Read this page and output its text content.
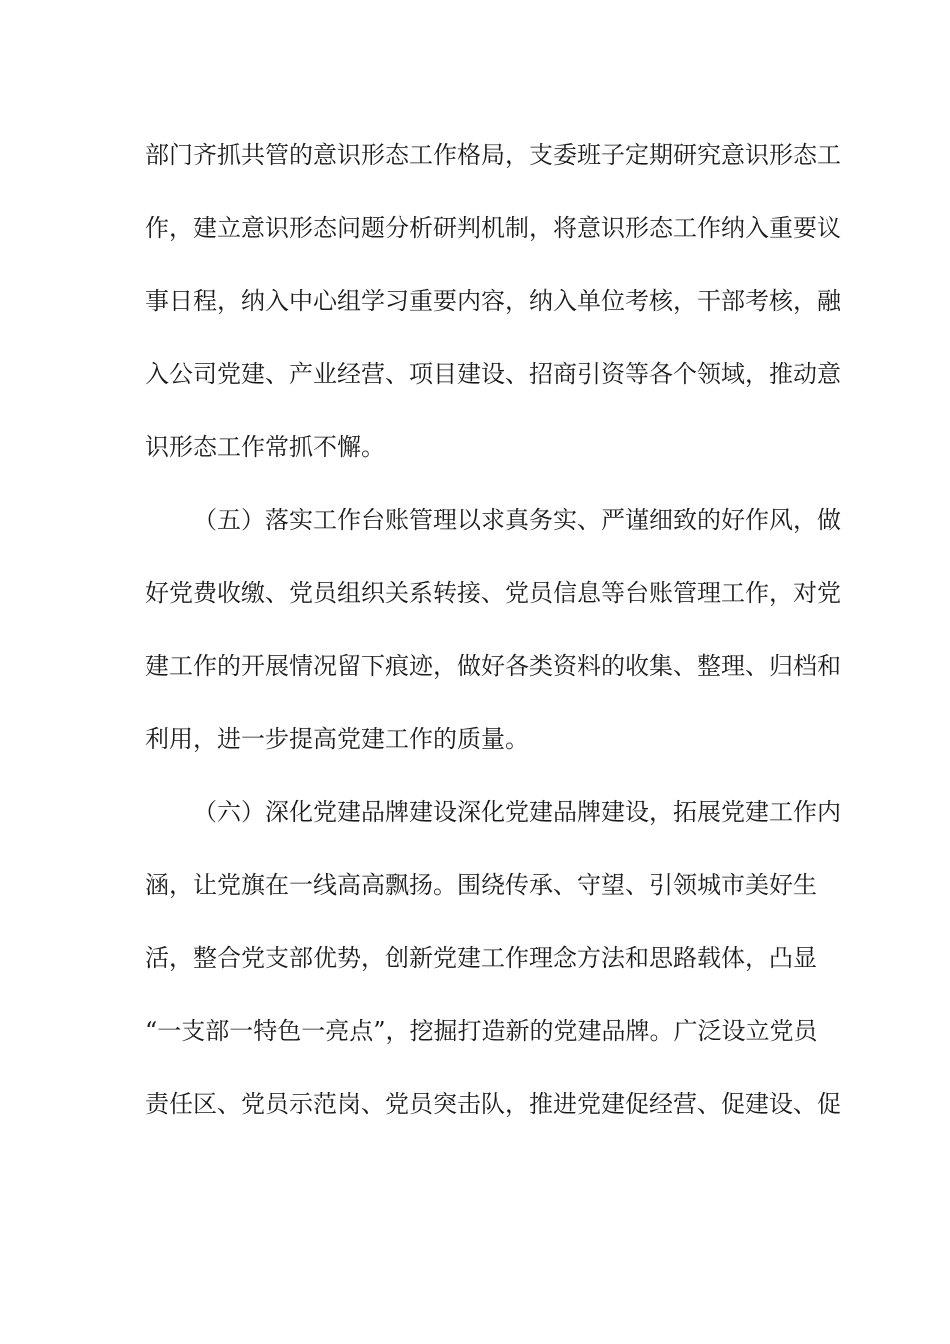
部门齐抓共管的意识形态工作格局，支委班子定期研究意识形态工
作，建立意识形态问题分析研判机制，将意识形态工作纳入重要议
事日程，纳入中心组学习重要内容，纳入单位考核，干部考核，融
入公司党建、产业经营、项目建设、招商引资等各个领域，推动意
识形态工作常抓不懈。
（五）落实工作台账管理以求真务实、严谨细致的好作风，做
好党费收缴、党员组织关系转接、党员信息等台账管理工作，对党
建工作的开展情况留下痕迹，做好各类资料的收集、整理、归档和
利用，进一步提高党建工作的质量。
（六）深化党建品牌建设深化党建品牌建设，拓展党建工作内
涵，让党旗在一线高高飘扬。围绕传承、守望、引领城市美好生
活，整合党支部优势，创新党建工作理念方法和思路载体，凸显
“一支部一特色一亮点”，挖掘打造新的党建品牌。广泛设立党员
责任区、党员示范岗、党员突击队，推进党建促经营、促建设、促
